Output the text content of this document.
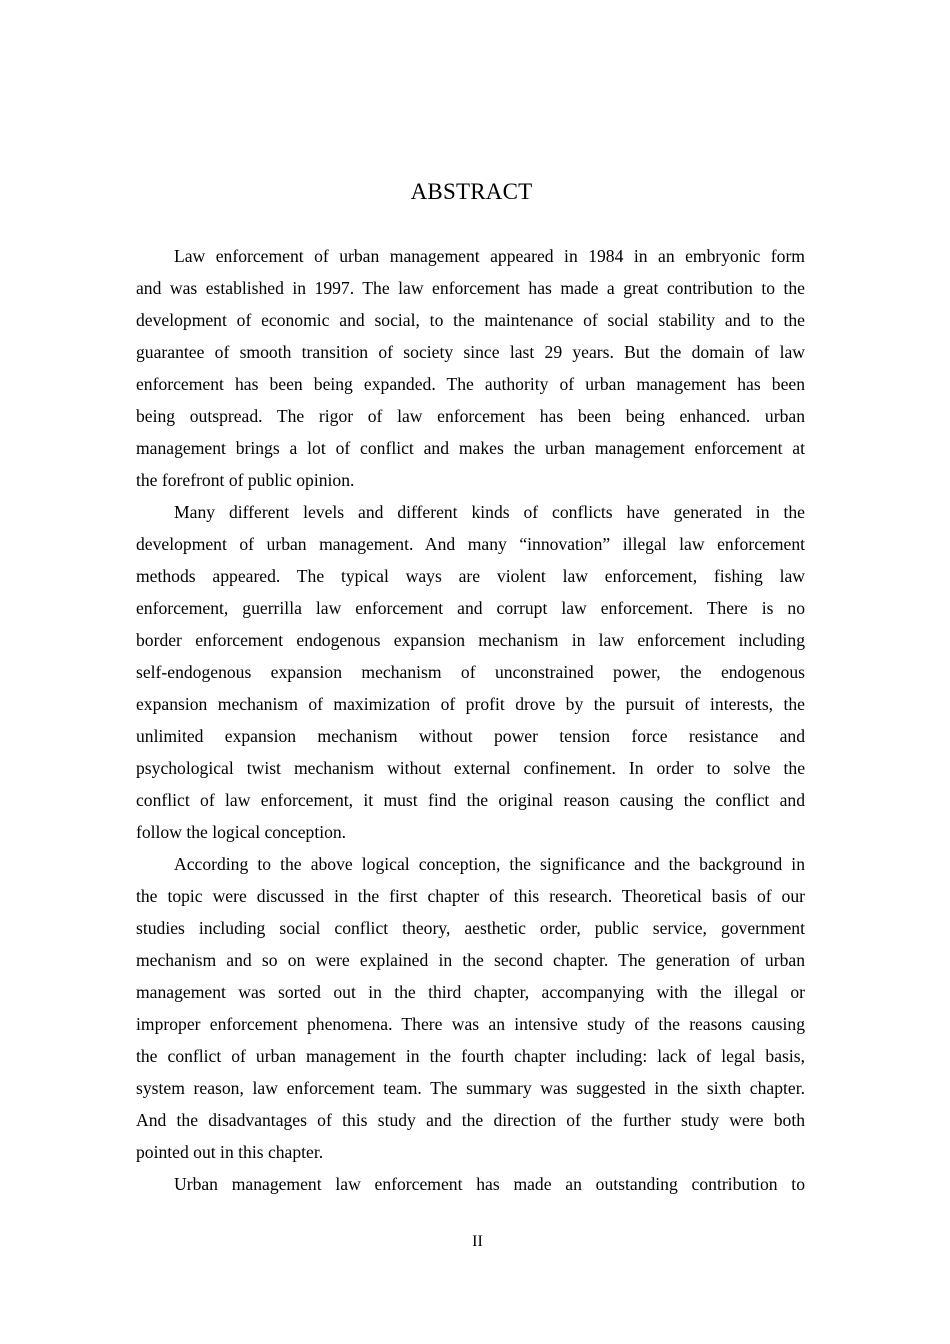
ABSTRACT
Law enforcement of urban management appeared in 1984 in an embryonic form
and was established in 1997. The law enforcement has made a great contribution to the
development of economic and social, to the maintenance of social stability and to the
guarantee of smooth transition of society since last 29 years. But the domain of law
enforcement has been being expanded. The authority of urban management has been
being outspread. The rigor of law enforcement has been being enhanced. urban
management brings a lot of conflict and makes the urban management enforcement at
the forefront of public opinion.
Many different levels and different kinds of conflicts have generated in the
development of urban management. And many “innovation” illegal law enforcement
methods appeared. The typical ways are violent law enforcement, fishing law
enforcement, guerrilla law enforcement and corrupt law enforcement. There is no
border enforcement endogenous expansion mechanism in law enforcement including
self-endogenous expansion mechanism of unconstrained power, the endogenous
expansion mechanism of maximization of profit drove by the pursuit of interests, the
unlimited expansion mechanism without power tension force resistance and
psychological twist mechanism without external confinement. In order to solve the
conflict of law enforcement, it must find the original reason causing the conflict and
follow the logical conception.
According to the above logical conception, the significance and the background in
the topic were discussed in the first chapter of this research. Theoretical basis of our
studies including social conflict theory, aesthetic order, public service, government
mechanism and so on were explained in the second chapter. The generation of urban
management was sorted out in the third chapter, accompanying with the illegal or
improper enforcement phenomena. There was an intensive study of the reasons causing
the conflict of urban management in the fourth chapter including: lack of legal basis,
system reason, law enforcement team. The summary was suggested in the sixth chapter.
And the disadvantages of this study and the direction of the further study were both
pointed out in this chapter.
Urban management law enforcement has made an outstanding contribution to
II
